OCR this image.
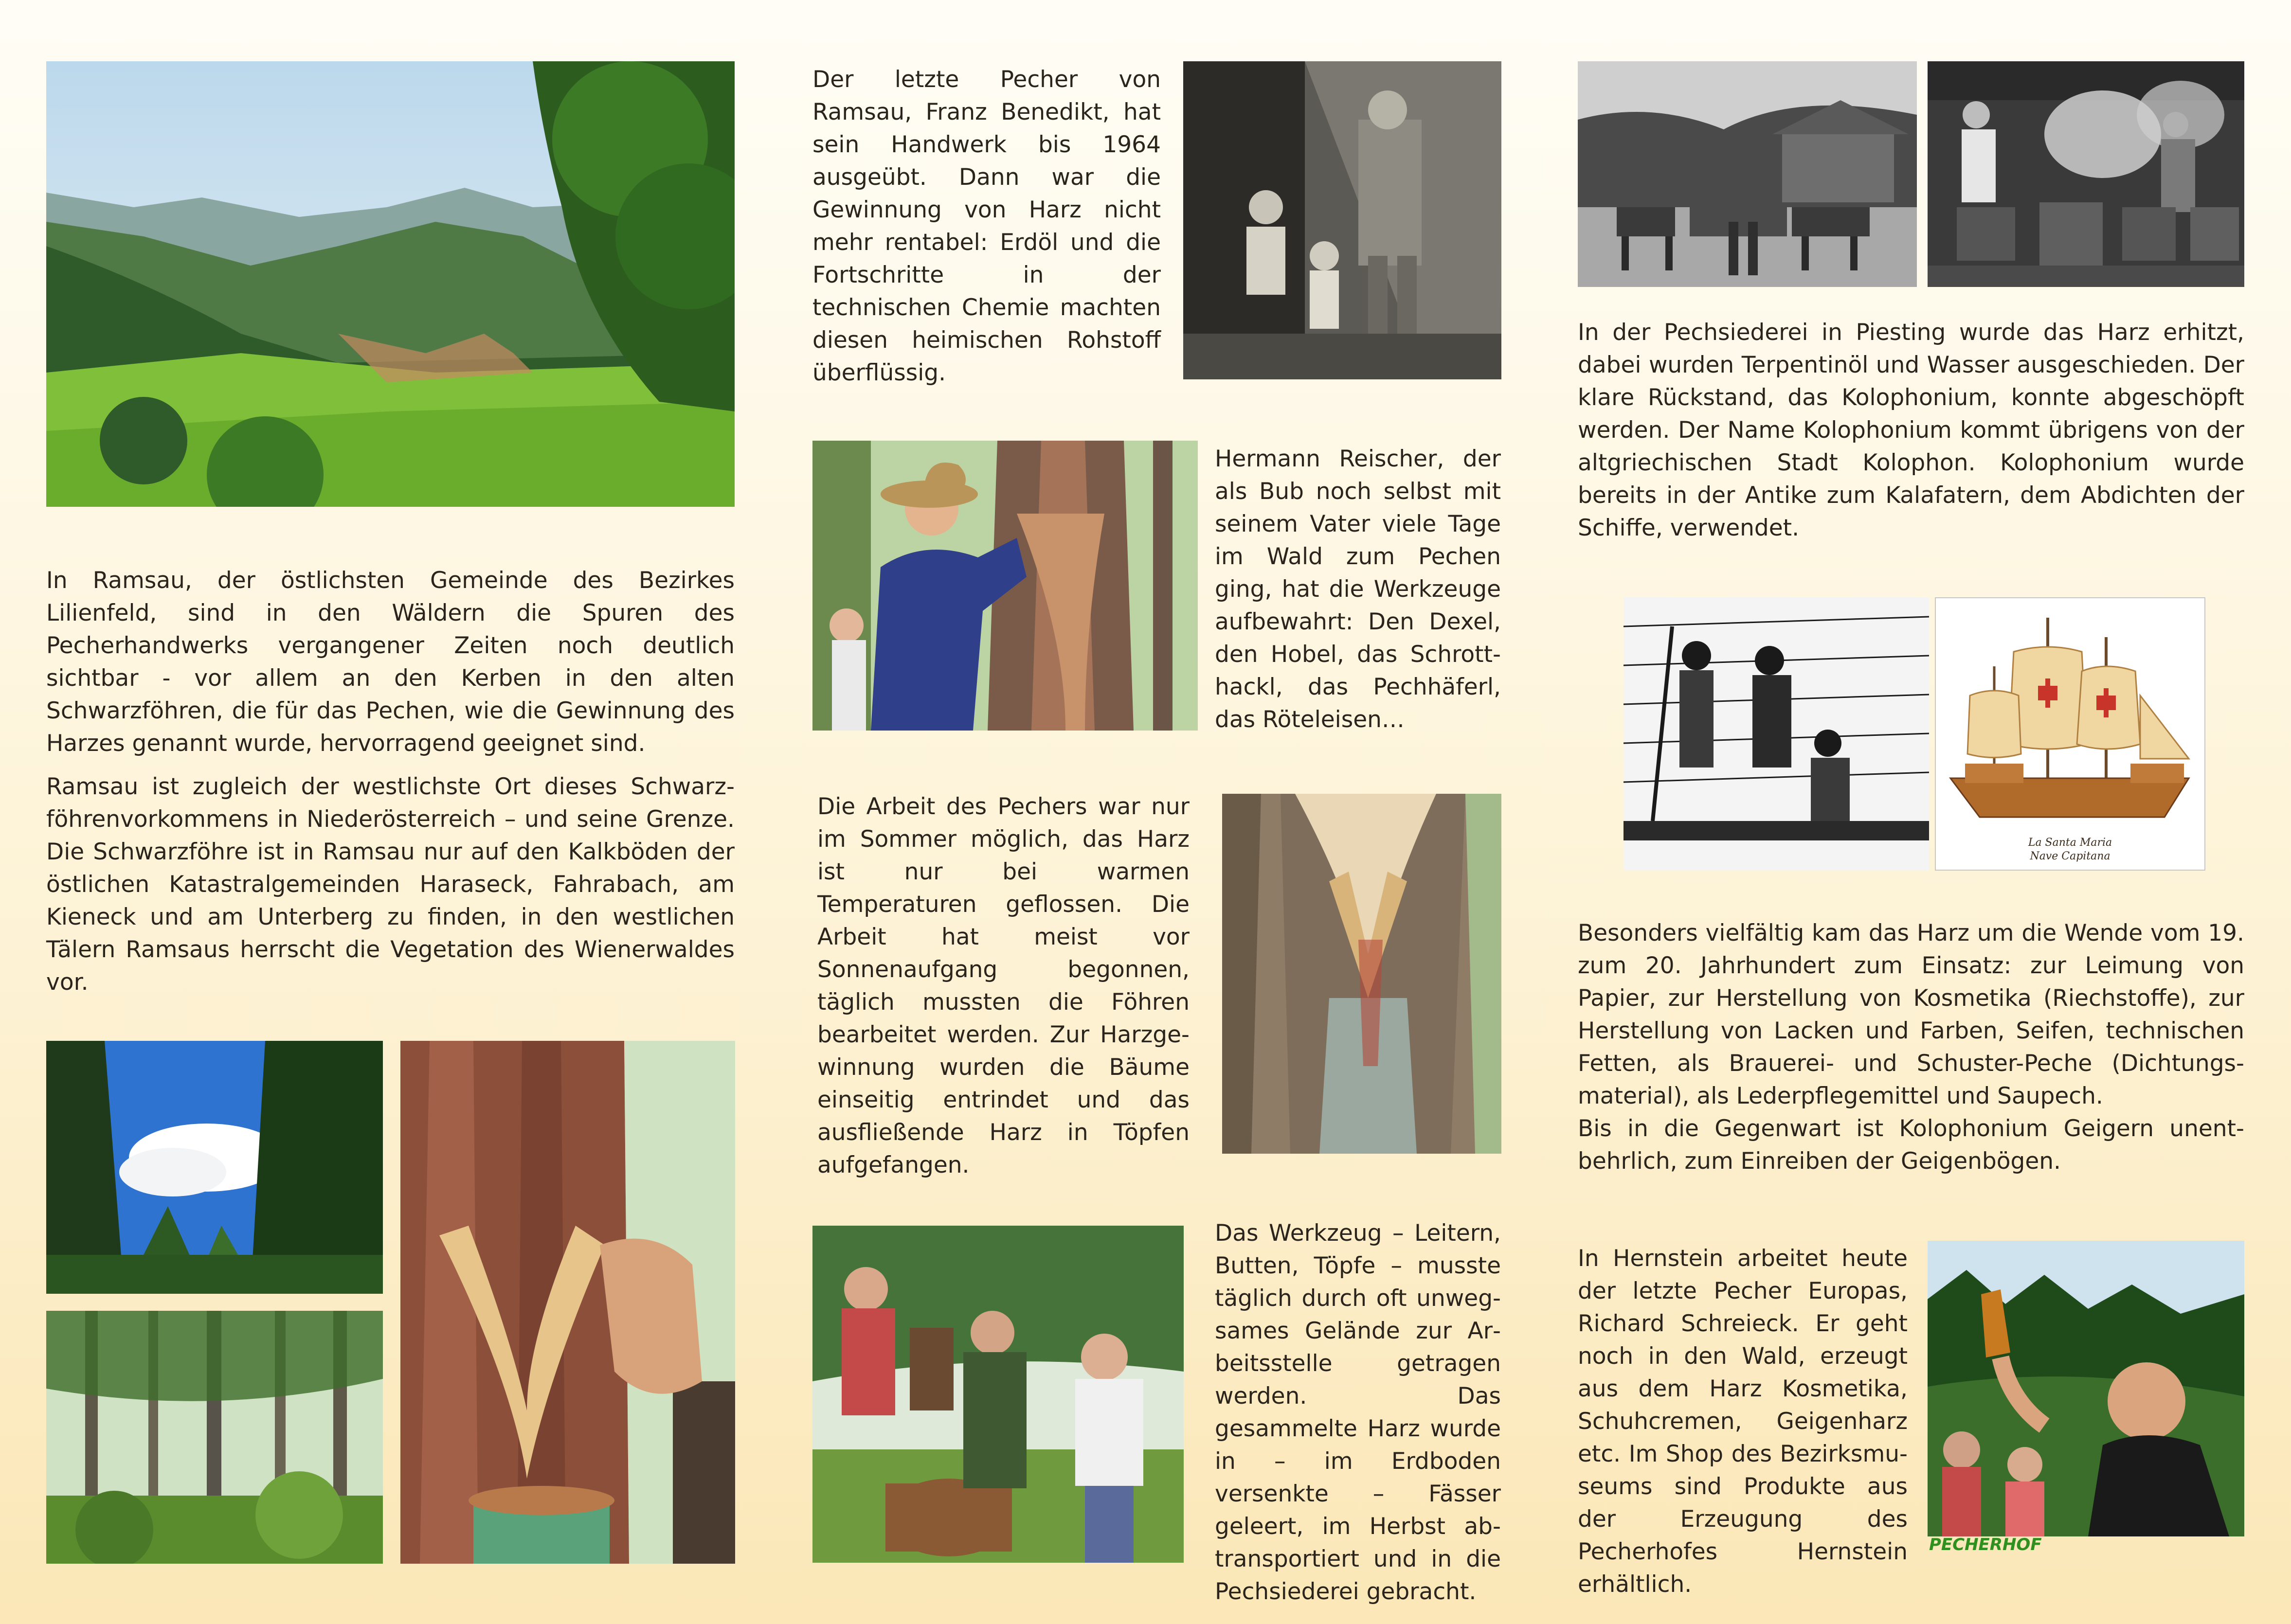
In Ramsau, der östlichsten Gemeinde des Bezirkes Lilienfeld, sind in den Wäldern die Spuren des Pecherhandwerks vergangener Zeiten noch deutlich sichtbar - vor allem an den Kerben in den alten Schwarzföhren, die für das Pechen, wie die Gewinnung des Harzes genannt wurde, hervorragend geeignet sind.

Ramsau ist zugleich der westlichste Ort dieses Schwarzföhrenvorkommens in Niederösterreich – und seine Grenze. Die Schwarzföhre ist in Ramsau nur auf den Kalkböden der östlichen Katastralgemeinden Haraseck, Fahrabach, am Kieneck und am Unterberg zu finden, in den westlichen Tälern Ramsaus herrscht die Vegetation des Wienerwaldes vor.

Der letzte Pecher von Ramsau, Franz Benedikt, hat sein Handwerk bis 1964 ausgeübt. Dann war die Gewinnung von Harz nicht mehr rentabel: Erdöl und die Fortschritte in der technischen Chemie machten diesen heimischen Rohstoff überflüssig.
Hermann Reischer, der als Bub noch selbst mit seinem Vater viele Tage im Wald zum Pechen ging, hat die Werkzeuge aufbewahrt: Den Dexel, den Hobel, das Schrotthackl, das Pechhäferl, das Röteleisen…
Die Arbeit des Pechers war nur im Sommer möglich, das Harz ist nur bei warmen Temperaturen geflossen. Die Arbeit hat meist vor Sonnenaufgang begonnen, täglich mussten die Föhren bearbeitet werden. Zur Harzgewinnung wurden die Bäume einseitig entrindet und das ausfließende Harz in Töpfen aufgefangen.
Das Werkzeug – Leitern, Butten, Töpfe – musste täglich durch oft unwegsames Gelände zur Arbeitsstelle getragen werden. Das gesammelte Harz wurde in – im Erdboden versenkte – Fässer geleert, im Herbst abtransportiert und in die Pechsiederei gebracht.
In der Pechsiederei in Piesting wurde das Harz erhitzt, dabei wurden Terpentinöl und Wasser ausgeschieden. Der klare Rückstand, das Kolophonium, konnte abgeschöpft werden. Der Name Kolophonium kommt übrigens von der altgriechischen Stadt Kolophon. Kolophonium wurde bereits in der Antike zum Kalafatern, dem Abdichten der Schiffe, verwendet.
La Santa Maria
Nave Capitana
Besonders vielfältig kam das Harz um die Wende vom 19. zum 20. Jahrhundert zum Einsatz: zur Leimung von Papier, zur Herstellung von Kosmetika (Riechstoffe), zur Herstellung von Lacken und Farben, Seifen, technischen Fetten, als Brauerei- und Schuster-Peche (Dichtungsmaterial), als Lederpflegemittel und Saupech.
Bis in die Gegenwart ist Kolophonium Geigern unentbehrlich, zum Einreiben der Geigenbögen.
In Hernstein arbeitet heute der letzte Pecher Europas, Richard Schreieck. Er geht noch in den Wald, erzeugt aus dem Harz Kosmetika, Schuhcremen, Geigenharz etc. Im Shop des Bezirksmuseums sind Produkte aus der Erzeugung des Pecherhofes Hernstein erhältlich.
PECHERHOF
